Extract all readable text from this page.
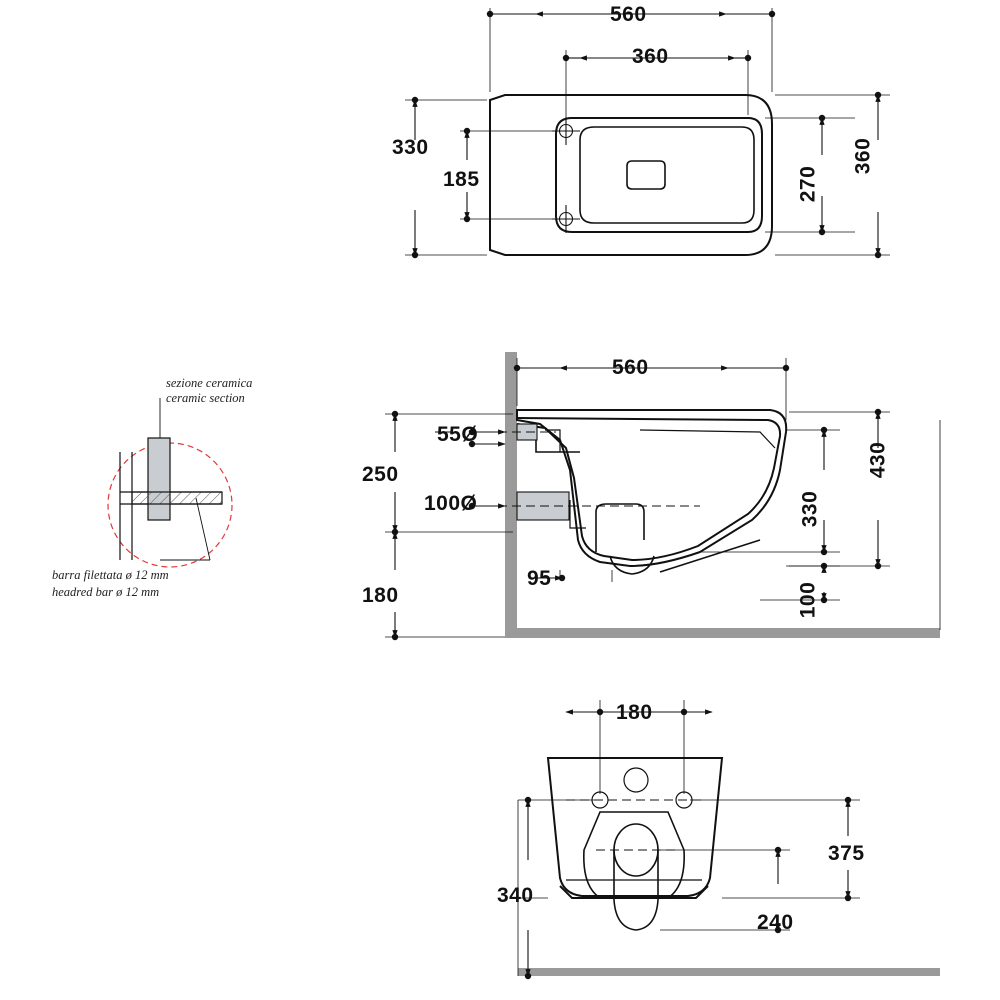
560
360
330
185
360
270
560
55Ø
100Ø
95
250
180
430
330
100
180
340
375
240
sezione ceramica
ceramic section
barra filettata ø 12 mm
headred bar ø 12 mm
